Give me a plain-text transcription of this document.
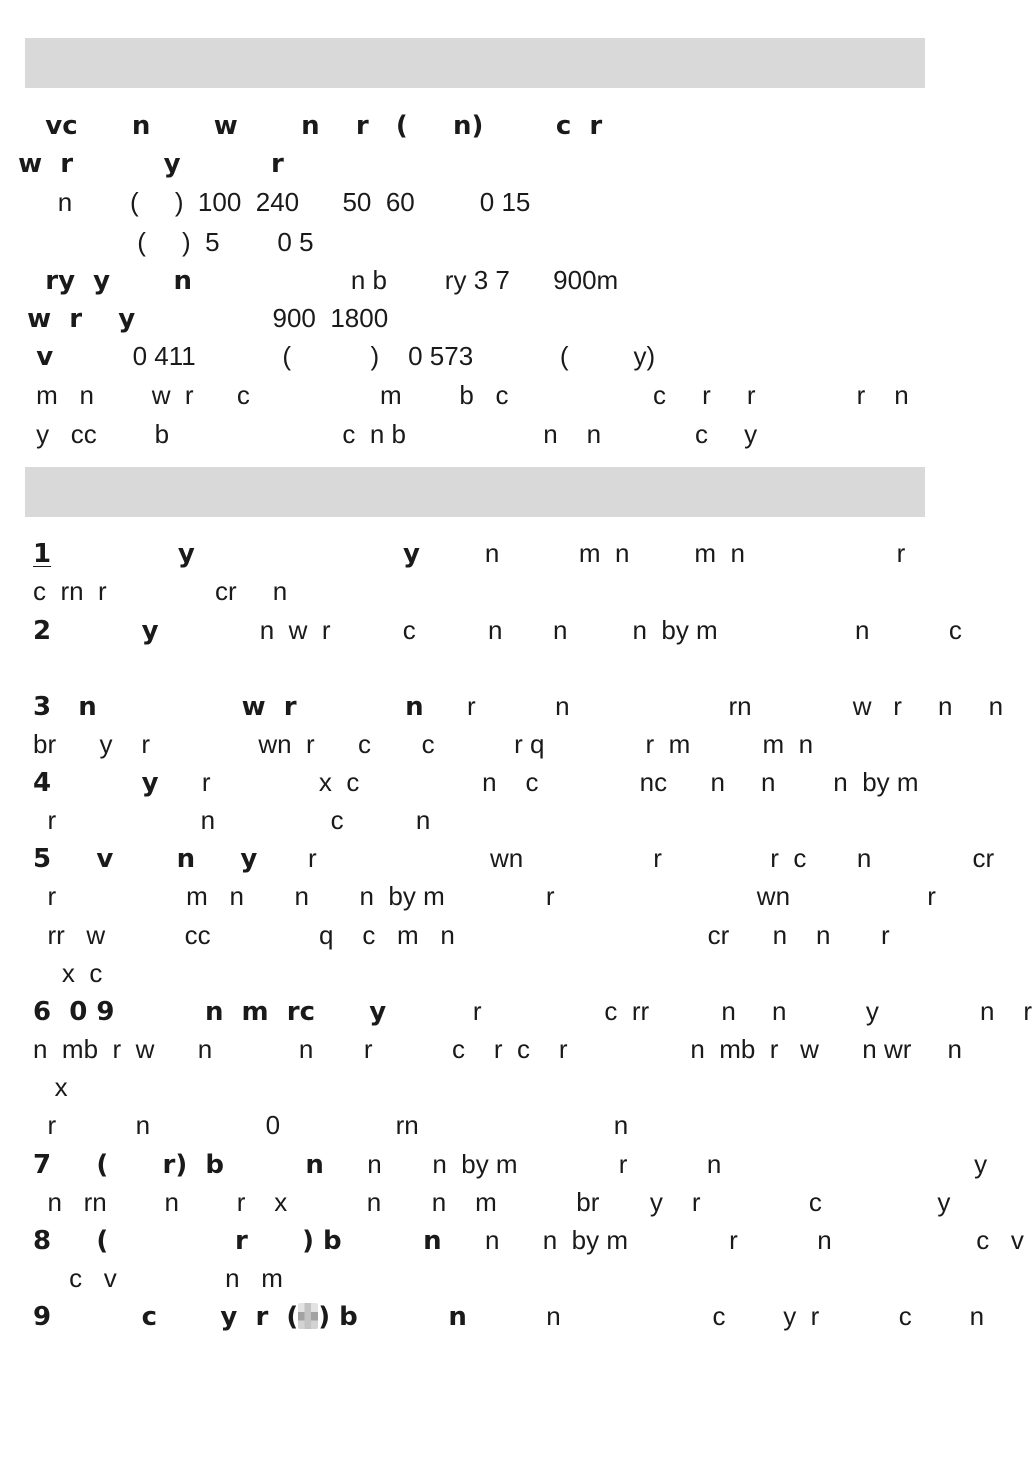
vc      n       w       n    r   (     n)        c  r
w  r          y          r
n        (     )  100  240      50  60         0 15
(     )  5        0 5
ry  y       n                      n b        ry 3 7      900m
w  r    y                   900  1800
v           0 411            (           )    0 573            (         y)
m   n        w  r      c                  m        b   c                    c     r     r              r    n
y   cc        b                        c  n b                   n    n             c     y
1              y                       y         n           m  n         m  n                     r
c  rn  r               cr     n
2          y              n  w  r          c          n       n         n  by m                   n           c
3   n                w  r            n      r           n                      rn              w   r     n     n
br      y    r               wn  r      c       c           r q              r  m          m  n
4          y      r               x  c                 n    c              nc      n     n        n  by m
r                    n                c          n
5     v       n     y       r                        wn                  r               r  c       n              cr
r                  m   n       n       n  by m              r                            wn                   r
rr   w           cc               q    c   m   n                                   cr      n    n       r
x  c
6  0 9          n  m  rc      y            r                 c  rr          n     n           y              n    r
n  mb  r  w      n            n       r           c    r  c    r                 n  mb  r   w      n wr     n
x
r           n                0                rn                           n
7     (      r)  b         n      n       n  by m              r           n                                   y
n   rn        n        r    x           n       n    m           br       y    r               c                y
8     (              r      ) b         n      n      n  by m              r           n                    c   v
c   v               n   m
9          c       y  r  ( ) b          n           n                     c        y  r           c        n
